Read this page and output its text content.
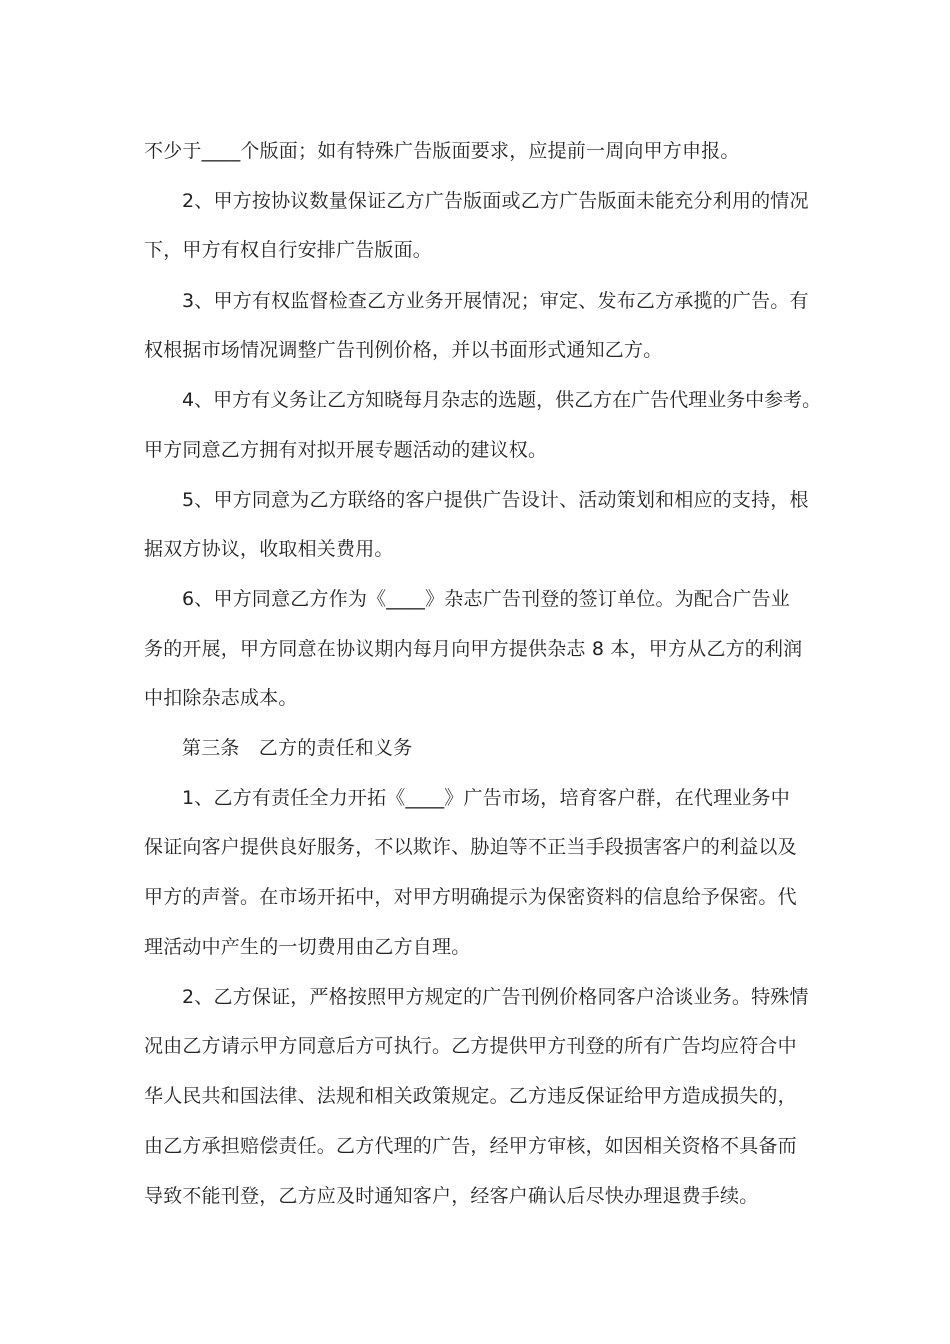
不少于____个版面；如有特殊广告版面要求，应提前一周向甲方申报。
2、甲方按协议数量保证乙方广告版面或乙方广告版面未能充分利用的情况
下，甲方有权自行安排广告版面。
3、甲方有权监督检查乙方业务开展情况；审定、发布乙方承揽的广告。有
权根据市场情况调整广告刊例价格，并以书面形式通知乙方。
4、甲方有义务让乙方知晓每月杂志的选题，供乙方在广告代理业务中参考。
甲方同意乙方拥有对拟开展专题活动的建议权。
5、甲方同意为乙方联络的客户提供广告设计、活动策划和相应的支持，根
据双方协议，收取相关费用。
6、甲方同意乙方作为《____》杂志广告刊登的签订单位。为配合广告业
务的开展，甲方同意在协议期内每月向甲方提供杂志 8 本，甲方从乙方的利润
中扣除杂志成本。
第三条　乙方的责任和义务
1、乙方有责任全力开拓《____》广告市场，培育客户群，在代理业务中
保证向客户提供良好服务，不以欺诈、胁迫等不正当手段损害客户的利益以及
甲方的声誉。在市场开拓中，对甲方明确提示为保密资料的信息给予保密。代
理活动中产生的一切费用由乙方自理。
2、乙方保证，严格按照甲方规定的广告刊例价格同客户洽谈业务。特殊情
况由乙方请示甲方同意后方可执行。乙方提供甲方刊登的所有广告均应符合中
华人民共和国法律、法规和相关政策规定。乙方违反保证给甲方造成损失的，
由乙方承担赔偿责任。乙方代理的广告，经甲方审核，如因相关资格不具备而
导致不能刊登，乙方应及时通知客户，经客户确认后尽快办理退费手续。
